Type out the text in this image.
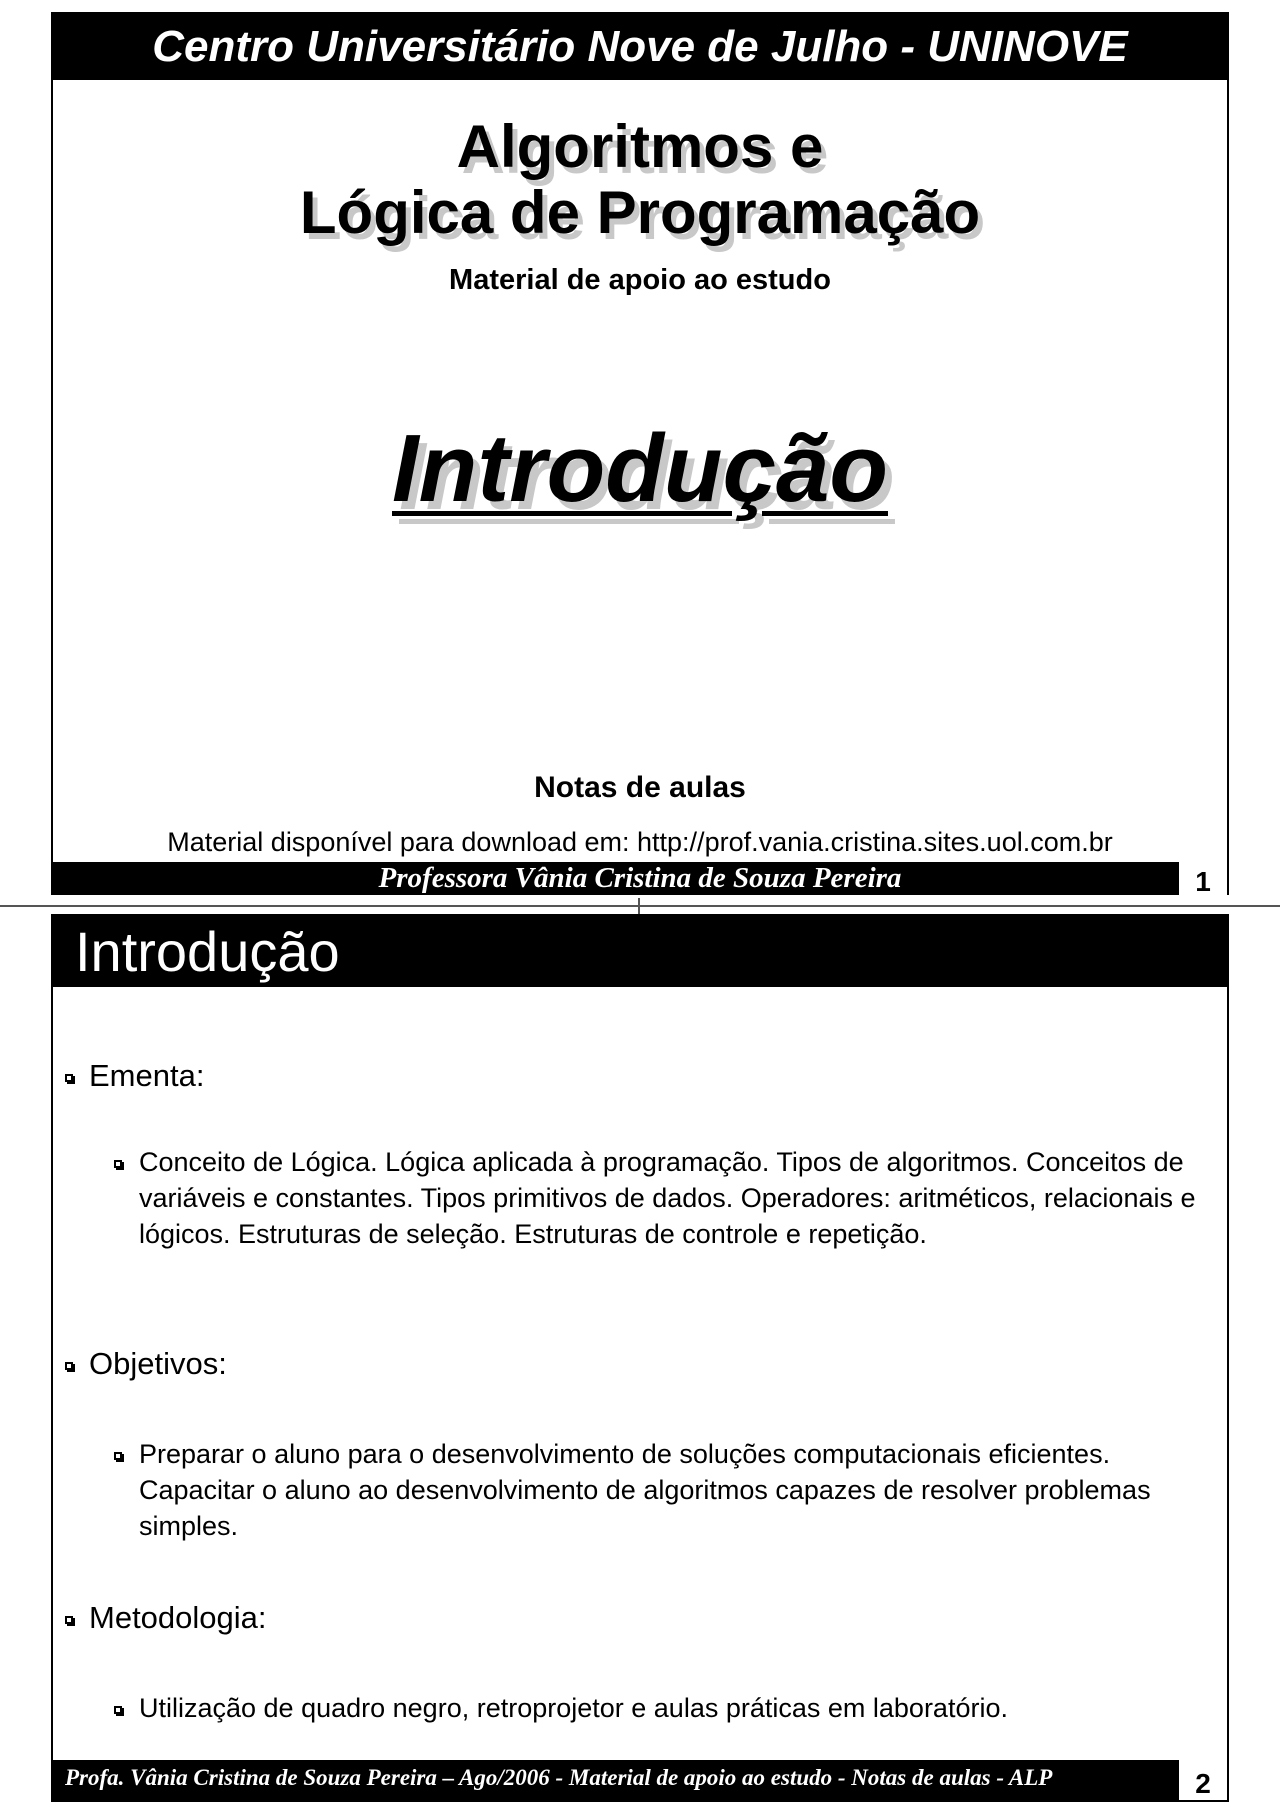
Centro Universitário Nove de Julho - UNINOVE
Algoritmos e
Lógica de Programação
Material de apoio ao estudo
Introdução
Notas de aulas
Material disponível para download em: http://prof.vania.cristina.sites.uol.com.br
Professora Vânia Cristina de Souza Pereira	1
Introdução
Ementa:
Conceito de Lógica. Lógica aplicada à programação. Tipos de algoritmos. Conceitos de variáveis e constantes. Tipos primitivos de dados. Operadores: aritméticos, relacionais e lógicos. Estruturas de seleção. Estruturas de controle e repetição.
Objetivos:
Preparar o aluno para o desenvolvimento de soluções computacionais eficientes. Capacitar o aluno ao desenvolvimento de algoritmos capazes de resolver problemas simples.
Metodologia:
Utilização de quadro negro, retroprojetor e aulas práticas em laboratório.
Profa. Vânia Cristina de Souza Pereira – Ago/2006 - Material de apoio ao estudo - Notas de aulas - ALP	2
